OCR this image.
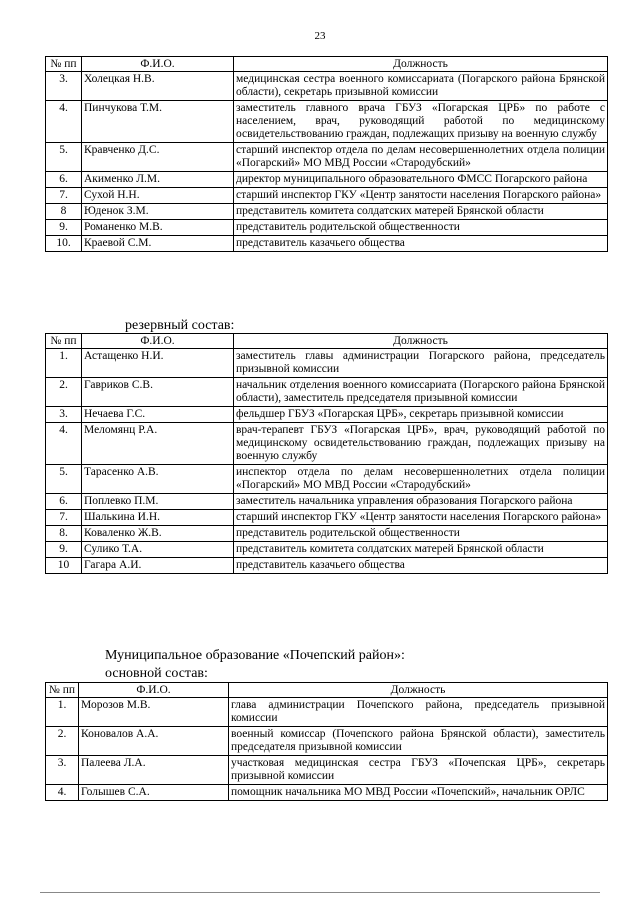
23
№ пп	Ф.И.О.	Должность
3.	Холецкая Н.В.	медицинская сестра военного комиссариата (Погарского района Брянской области), секретарь призывной комиссии
4.	Пинчукова Т.М.	заместитель главного врача ГБУЗ «Погарская ЦРБ» по работе с населением, врач, руководящий работой по медицинскому освидетельствованию граждан, подлежащих призыву на военную службу
5.	Кравченко Д.С.	старший инспектор отдела по делам несовершеннолетних отдела полиции «Погарский» МО МВД России «Стародубский»
6.	Акименко Л.М.	директор муниципального образовательного ФМСС Погарского района
7.	Сухой Н.Н.	старший инспектор ГКУ «Центр занятости населения Погарского района»
8	Юденок З.М.	представитель комитета солдатских матерей Брянской области
9.	Романенко М.В.	представитель родительской общественности
10.	Краевой С.М.	представитель казачьего общества
резервный состав:
№ пп	Ф.И.О.	Должность
1.	Астащенко Н.И.	заместитель главы администрации Погарского района, председатель призывной комиссии
2.	Гавриков С.В.	начальник отделения военного комиссариата (Погарского района Брянской области), заместитель председателя призывной комиссии
3.	Нечаева Г.С.	фельдшер ГБУЗ «Погарская ЦРБ», секретарь призывной комиссии
4.	Меломянц Р.А.	врач-терапевт ГБУЗ «Погарская ЦРБ», врач, руководящий работой по медицинскому освидетельствованию граждан, подлежащих призыву на военную службу
5.	Тарасенко А.В.	инспектор отдела по делам несовершеннолетних отдела полиции «Погарский» МО МВД России «Стародубский»
6.	Поплевко П.М.	заместитель начальника управления образования Погарского района
7.	Шалькина И.Н.	старший инспектор ГКУ «Центр занятости населения Погарского района»
8.	Коваленко Ж.В.	представитель родительской общественности
9.	Сулико Т.А.	представитель комитета солдатских матерей Брянской области
10	Гагара А.И.	представитель казачьего общества
Муниципальное образование «Почепский район»:
основной состав:
№ пп	Ф.И.О.	Должность
1.	Морозов М.В.	глава администрации Почепского района, председатель призывной комиссии
2.	Коновалов А.А.	военный комиссар (Почепского района Брянской области), заместитель председателя призывной комиссии
3.	Палеева Л.А.	участковая медицинская сестра ГБУЗ «Почепская ЦРБ», секретарь призывной комиссии
4.	Голышев С.А.	помощник начальника МО МВД России «Почепский», начальник ОРЛС
